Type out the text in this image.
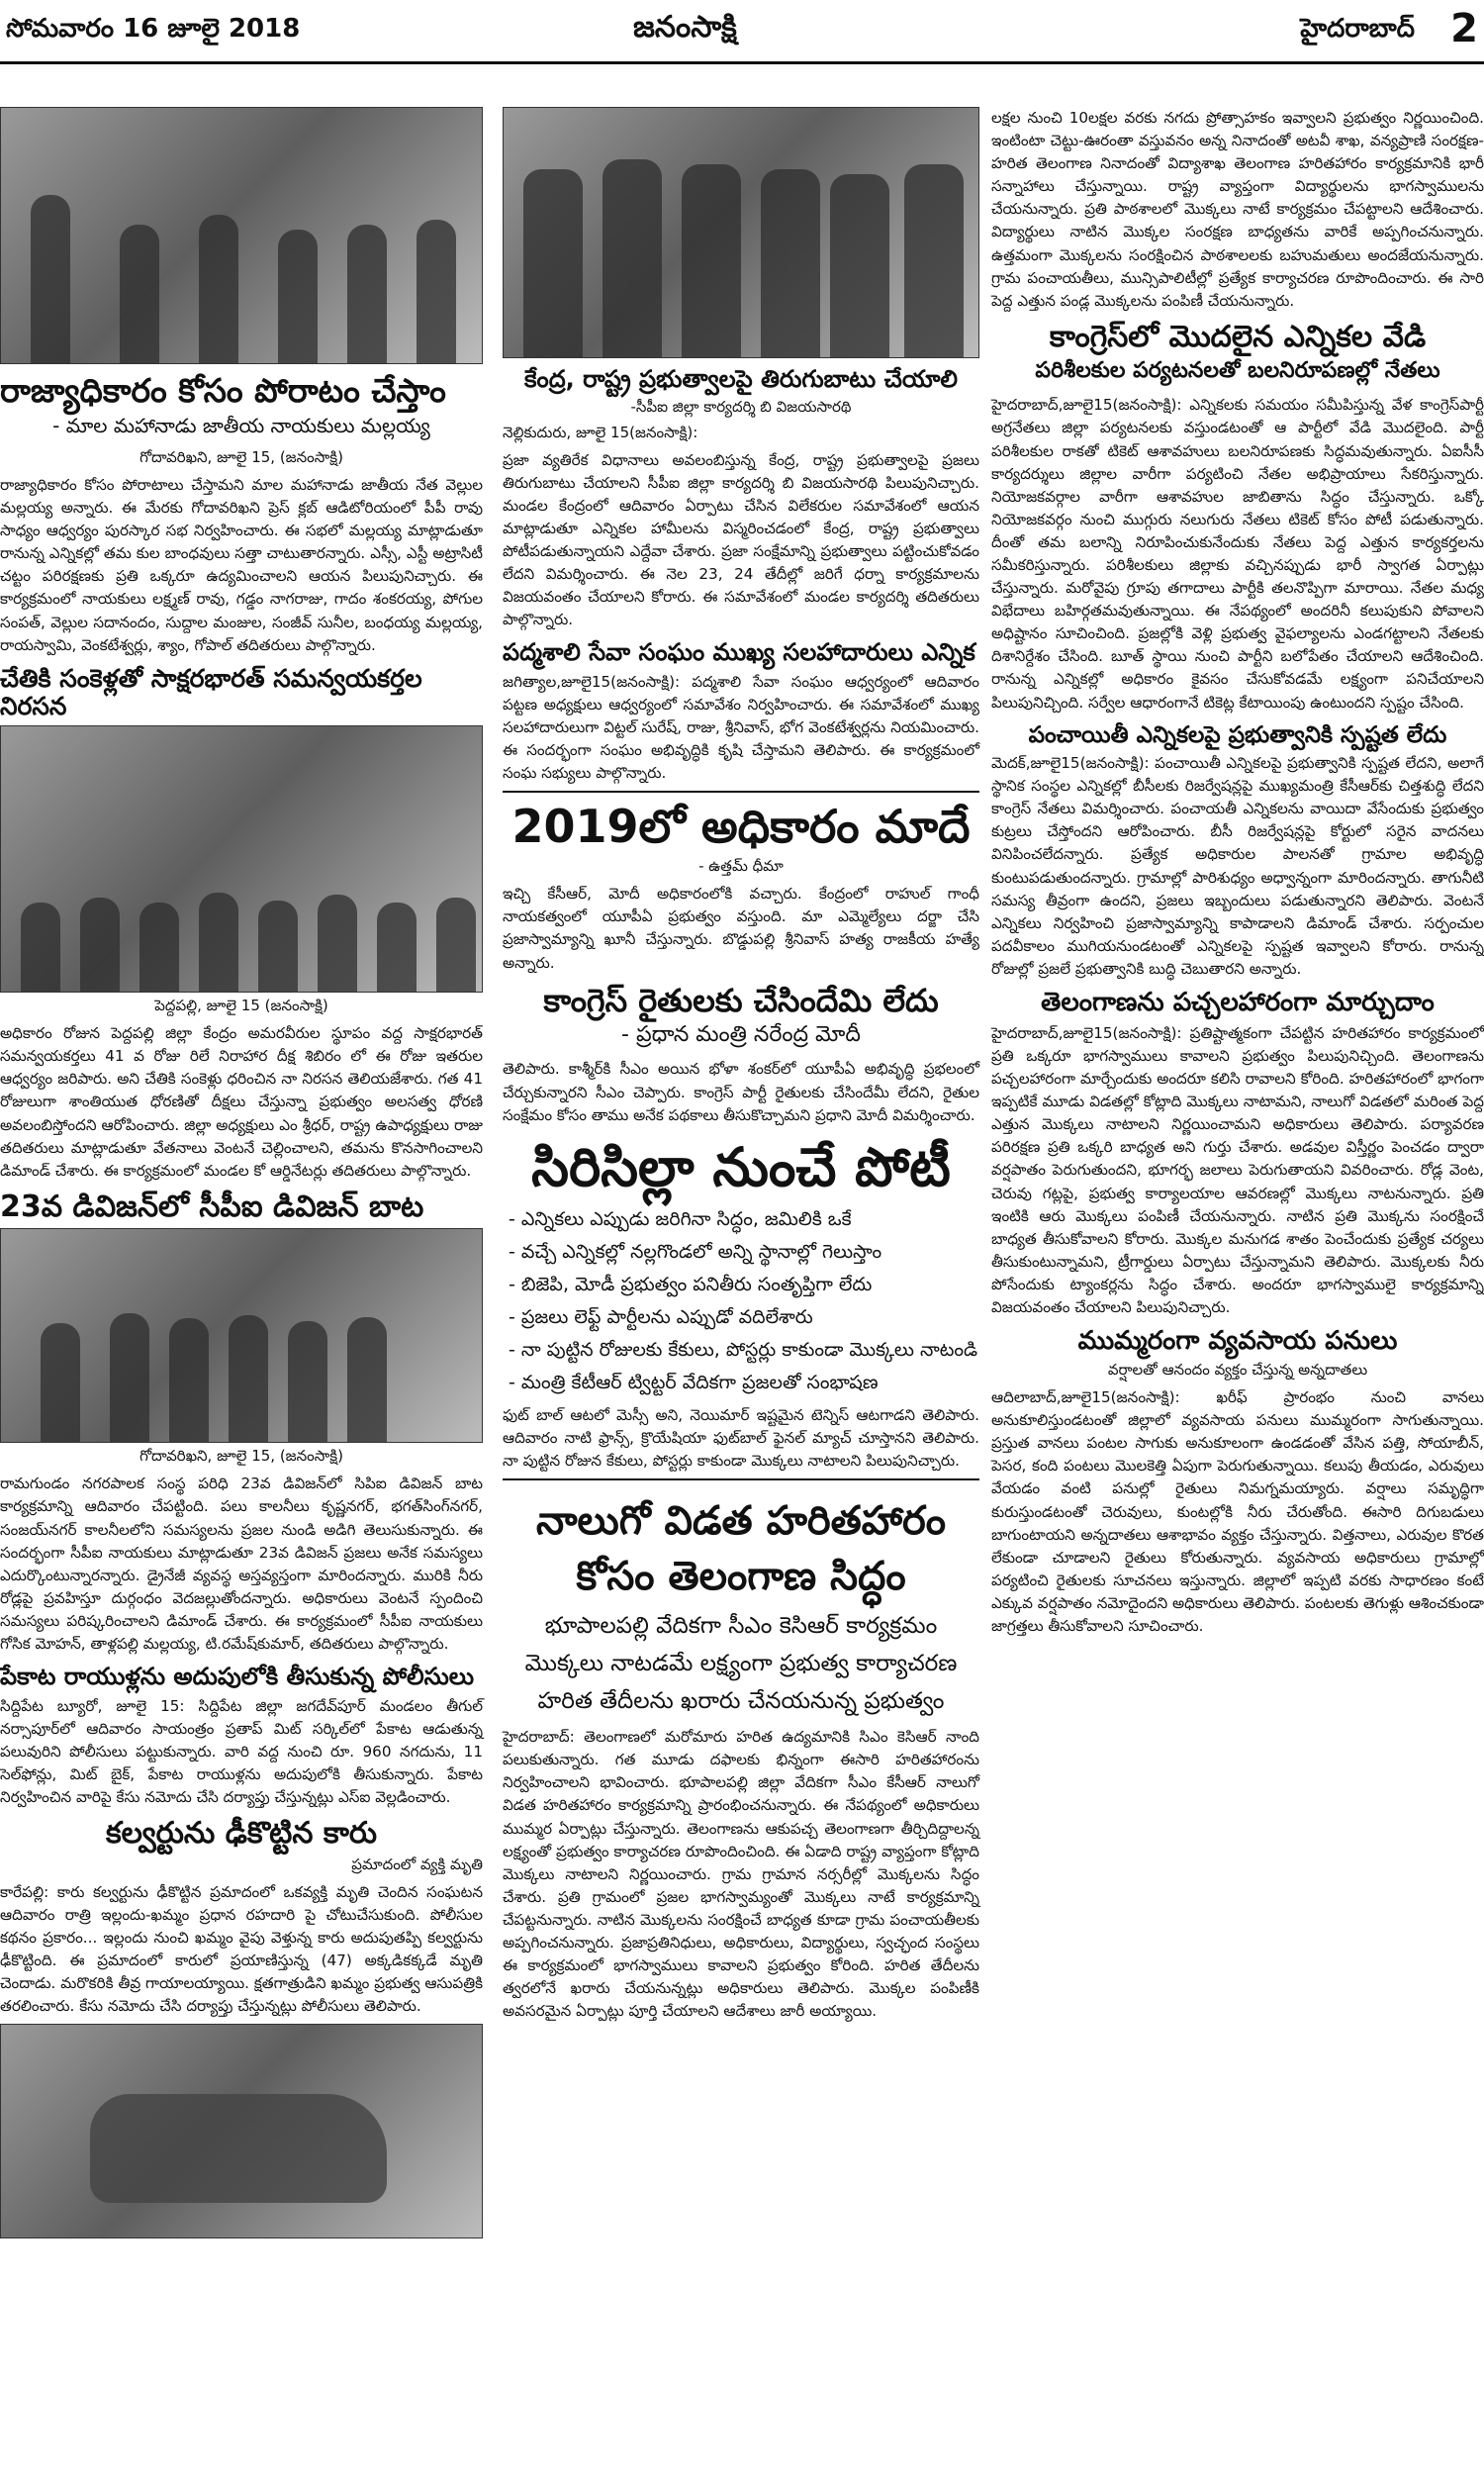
సోమవారం 16 జూలై 2018	జనంసాక్షి	హైదరాబాద్ 2
రాజ్యాధికారం కోసం పోరాటం చేస్తాం
- మాల మహానాడు జాతీయ నాయకులు మల్లయ్య
గోదావరిఖని, జూలై 15, (జనంసాక్షి)

రాజ్యాధికారం కోసం పోరాటాలు చేస్తామని మాల మహానాడు జాతీయ నేత వెల్లుల మల్లయ్య అన్నారు. ఈ మేరకు గోదావరిఖని ప్రెస్ క్లబ్ ఆడిటోరియంలో పీపీ రావు సాధ్యం ఆధ్వర్యం పురస్కార సభ నిర్వహించారు. ఈ సభలో మల్లయ్య మాట్లాడుతూ రానున్న ఎన్నికల్లో తమ కుల బాంధవులు సత్తా చాటుతారన్నారు. ఎస్సీ, ఎస్టీ అట్రాసిటీ చట్టం పరిరక్షణకు ప్రతి ఒక్కరూ ఉద్యమించాలని ఆయన పిలుపునిచ్చారు. ఈ కార్యక్రమంలో నాయకులు లక్ష్మణ్ రావు, గడ్డం నాగరాజు, గాదం శంకరయ్య, పోగుల సంపత్, వెల్లుల సదానందం, సుద్దాల మంజుల, సంజీవ్ సునీల, బంధయ్య మల్లయ్య, రాయస్వామి, వెంకటేశ్వర్లు, శ్యాం, గోపాల్ తదితరులు పాల్గొన్నారు.

చేతికి సంకెళ్లతో సాక్షరభారత్ సమన్వయకర్తల నిరసన
పెద్దపల్లి, జూలై 15 (జనంసాక్షి)

అధికారం రోజున పెద్దపల్లి జిల్లా కేంద్రం అమరవీరుల స్థూపం వద్ద సాక్షరభారత్ సమన్వయకర్తలు 41 వ రోజు రిలే నిరాహార దీక్ష శిబిరం లో ఈ రోజు ఇతరుల ఆధ్వర్యం జరిపారు. అని చేతికి సంకెళ్లు ధరించిన నా నిరసన తెలియజేశారు. గత 41 రోజులుగా శాంతియుత ధోరణితో దీక్షలు చేస్తున్నా ప్రభుత్వం అలసత్వ ధోరణి అవలంబిస్తోందని ఆరోపించారు. జిల్లా అధ్యక్షులు ఎం శ్రీధర్, రాష్ట్ర ఉపాధ్యక్షులు రాజు తదితరులు మాట్లాడుతూ వేతనాలు వెంటనే చెల్లించాలని, తమను కొనసాగించాలని డిమాండ్ చేశారు. ఈ కార్యక్రమంలో మండల కో ఆర్డినేటర్లు తదితరులు పాల్గొన్నారు.

23వ డివిజన్‌లో సీపీఐ డివిజన్ బాట
గోదావరిఖని, జూలై 15, (జనంసాక్షి)

రామగుండం నగరపాలక సంస్థ పరిధి 23వ డివిజన్‌లో సిపిఐ డివిజన్ బాట కార్యక్రమాన్ని ఆదివారం చేపట్టింది. పలు కాలనీలు కృష్ణనగర్, భగత్‌సింగ్‌నగర్, సంజయ్‌నగర్ కాలనీలలోని సమస్యలను ప్రజల నుండి అడిగి తెలుసుకున్నారు. ఈ సందర్భంగా సీపీఐ నాయకులు మాట్లాడుతూ 23వ డివిజన్ ప్రజలు అనేక సమస్యలు ఎదుర్కొంటున్నారన్నారు. డ్రైనేజీ వ్యవస్థ అస్తవ్యస్తంగా మారిందన్నారు. మురికి నీరు రోడ్లపై ప్రవహిస్తూ దుర్గంధం వెదజల్లుతోందన్నారు. అధికారులు వెంటనే స్పందించి సమస్యలు పరిష్కరించాలని డిమాండ్ చేశారు. ఈ కార్యక్రమంలో సీపీఐ నాయకులు గోసిక మోహన్, తాళ్లపల్లి మల్లయ్య, టి.రమేష్‌కుమార్, తదితరులు పాల్గొన్నారు.

పేకాట రాయుళ్లను అదుపులోకి తీసుకున్న పోలీసులు

సిద్దిపేట బ్యూరో, జూలై 15: సిద్దిపేట జిల్లా జగదేవ్‌పూర్ మండలం తీగుల్ నర్సాపూర్‌లో ఆదివారం సాయంత్రం ప్రతాప్ మిట్ సర్కిల్‌లో పేకాట ఆడుతున్న పలువురిని పోలీసులు పట్టుకున్నారు. వారి వద్ద నుంచి రూ. 960 నగదును, 11 సెల్‌ఫోన్లు, మిట్ బైక్, పేకాట రాయుళ్లను అదుపులోకి తీసుకున్నారు. పేకాట నిర్వహించిన వారిపై కేసు నమోదు చేసి దర్యాప్తు చేస్తున్నట్లు ఎస్‌ఐ వెల్లడించారు.

కల్వర్టును ఢీకొట్టిన కారు
ప్రమాదంలో వ్యక్తి మృతి

కారేపల్లి: కారు కల్వర్టును ఢీకొట్టిన ప్రమాదంలో ఒకవ్యక్తి మృతి చెందిన సంఘటన ఆదివారం రాత్రి ఇల్లందు-ఖమ్మం ప్రధాన రహదారి పై చోటుచేసుకుంది. పోలీసుల కథనం ప్రకారం... ఇల్లందు నుంచి ఖమ్మం వైపు వెళ్తున్న కారు అదుపుతప్పి కల్వర్టును ఢీకొట్టింది. ఈ ప్రమాదంలో కారులో ప్రయాణిస్తున్న (47) అక్కడికక్కడే మృతి చెందాడు. మరొకరికి తీవ్ర గాయాలయ్యాయి. క్షతగాత్రుడిని ఖమ్మం ప్రభుత్వ ఆసుపత్రికి తరలించారు. కేసు నమోదు చేసి దర్యాప్తు చేస్తున్నట్లు పోలీసులు తెలిపారు.

కేంద్ర, రాష్ట్ర ప్రభుత్వాలపై తిరుగుబాటు చేయాలి
-సీపీఐ జిల్లా కార్యదర్శి బి విజయసారథి
నెల్లికుదురు, జూలై 15(జనంసాక్షి):

ప్రజా వ్యతిరేక విధానాలు అవలంబిస్తున్న కేంద్ర, రాష్ట్ర ప్రభుత్వాలపై ప్రజలు తిరుగుబాటు చేయాలని సీపీఐ జిల్లా కార్యదర్శి బి విజయసారథి పిలుపునిచ్చారు. మండల కేంద్రంలో ఆదివారం ఏర్పాటు చేసిన విలేకరుల సమావేశంలో ఆయన మాట్లాడుతూ ఎన్నికల హామీలను విస్మరించడంలో కేంద్ర, రాష్ట్ర ప్రభుత్వాలు పోటీపడుతున్నాయని ఎద్దేవా చేశారు. ప్రజా సంక్షేమాన్ని ప్రభుత్వాలు పట్టించుకోవడం లేదని విమర్శించారు. ఈ నెల 23, 24 తేదీల్లో జరిగే ధర్నా కార్యక్రమాలను విజయవంతం చేయాలని కోరారు. ఈ సమావేశంలో మండల కార్యదర్శి తదితరులు పాల్గొన్నారు.

పద్మశాలి సేవా సంఘం ముఖ్య సలహాదారులు ఎన్నిక

జగిత్యాల,జూలై15(జనంసాక్షి): పద్మశాలి సేవా సంఘం ఆధ్వర్యంలో ఆదివారం పట్టణ అధ్యక్షులు ఆధ్వర్యంలో సమావేశం నిర్వహించారు. ఈ సమావేశంలో ముఖ్య సలహాదారులుగా విట్టల్ సురేష్, రాజు, శ్రీనివాస్, భోగ వెంకటేశ్వర్లను నియమించారు. ఈ సందర్భంగా సంఘం అభివృద్ధికి కృషి చేస్తామని తెలిపారు. ఈ కార్యక్రమంలో సంఘ సభ్యులు పాల్గొన్నారు.

2019లో అధికారం మాదే
- ఉత్తమ్ ధీమా

ఇచ్చి కేసీఆర్, మోదీ అధికారంలోకి వచ్చారు. కేంద్రంలో రాహుల్ గాంధీ నాయకత్వంలో యూపీఏ ప్రభుత్వం వస్తుంది. మా ఎమ్మెల్యేలు దర్జా చేసి ప్రజాస్వామ్యాన్ని ఖూనీ చేస్తున్నారు. బొడ్డుపల్లి శ్రీనివాస్ హత్య రాజకీయ హత్యే అన్నారు.

కాంగ్రెస్ రైతులకు చేసిందేమి లేదు
- ప్రధాన మంత్రి నరేంద్ర మోదీ

తెలిపారు. కాశ్మీర్‌కి సీఎం అయిన భోళా శంకర్‌లో యూపీఏ అభివృద్ధి ప్రభలంలో చేర్చుకున్నారని సీఎం చెప్పారు. కాంగ్రెస్ పార్టీ రైతులకు చేసిందేమీ లేదని, రైతుల సంక్షేమం కోసం తాము అనేక పథకాలు తీసుకొచ్చామని ప్రధాని మోదీ విమర్శించారు.

సిరిసిల్లా నుంచే పోటీ
- ఎన్నికలు ఎప్పుడు జరిగినా సిద్ధం, జమిలికి ఒకే
- వచ్చే ఎన్నికల్లో నల్లగొండలో అన్ని స్థానాల్లో గెలుస్తాం
- బిజెపి, మోడీ ప్రభుత్వం పనితీరు సంతృప్తిగా లేదు
- ప్రజలు లెఫ్ట్ పార్టీలను ఎప్పుడో వదిలేశారు
- నా పుట్టిన రోజులకు కేకులు, పోస్టర్లు కాకుండా మొక్కలు నాటండి
- మంత్రి కేటీఆర్ ట్విట్టర్ వేదికగా ప్రజలతో సంభాషణ

ఫుట్ బాల్ ఆటలో మెస్సీ అని, నెయిమార్ ఇష్టమైన టెన్నిస్ ఆటగాడని తెలిపారు. ఆదివారం నాటి ఫ్రాన్స్, క్రొయేషియా ఫుట్‌బాల్ ఫైనల్ మ్యాచ్ చూస్తానని తెలిపారు. నా పుట్టిన రోజున కేకులు, పోస్టర్లు కాకుండా మొక్కలు నాటాలని పిలుపునిచ్చారు.

నాలుగో విడత హరితహారం
కోసం తెలంగాణ సిద్ధం
భూపాలపల్లి వేదికగా సీఎం కెసిఆర్ కార్యక్రమం
మొక్కలు నాటడమే లక్ష్యంగా ప్రభుత్వ కార్యాచరణ
హరిత తేదీలను ఖరారు చేనయనున్న ప్రభుత్వం

హైదరాబాద్: తెలంగాణలో మరోమారు హరిత ఉద్యమానికి సిఎం కెసిఆర్ నాంది పలుకుతున్నారు. గత మూడు దఫాలకు భిన్నంగా ఈసారి హరితహారంను నిర్వహించాలని భావించారు. భూపాలపల్లి జిల్లా వేదికగా సీఎం కేసీఆర్ నాలుగో విడత హరితహారం కార్యక్రమాన్ని ప్రారంభించనున్నారు. ఈ నేపథ్యంలో అధికారులు ముమ్మర ఏర్పాట్లు చేస్తున్నారు. తెలంగాణను ఆకుపచ్చ తెలంగాణగా తీర్చిదిద్దాలన్న లక్ష్యంతో ప్రభుత్వం కార్యాచరణ రూపొందించింది. ఈ ఏడాది రాష్ట్ర వ్యాప్తంగా కోట్లాది మొక్కలు నాటాలని నిర్ణయించారు. గ్రామ గ్రామాన నర్సరీల్లో మొక్కలను సిద్ధం చేశారు. ప్రతి గ్రామంలో ప్రజల భాగస్వామ్యంతో మొక్కలు నాటే కార్యక్రమాన్ని చేపట్టనున్నారు. నాటిన మొక్కలను సంరక్షించే బాధ్యత కూడా గ్రామ పంచాయతీలకు అప్పగించనున్నారు. ప్రజాప్రతినిధులు, అధికారులు, విద్యార్థులు, స్వచ్ఛంద సంస్థలు ఈ కార్యక్రమంలో భాగస్వాములు కావాలని ప్రభుత్వం కోరింది. హరిత తేదీలను త్వరలోనే ఖరారు చేయనున్నట్లు అధికారులు తెలిపారు. మొక్కల పంపిణీకి అవసరమైన ఏర్పాట్లు పూర్తి చేయాలని ఆదేశాలు జారీ అయ్యాయి.

లక్షల నుంచి 10లక్షల వరకు నగదు ప్రోత్సాహకం ఇవ్వాలని ప్రభుత్వం నిర్ణయించింది. ఇంటింటా చెట్టు-ఊరంతా వస్తువనం అన్న నినాదంతో అటవీ శాఖ, వన్యప్రాణి సంరక్షణ-హరిత తెలంగాణ నినాదంతో విద్యాశాఖ తెలంగాణ హరితహారం కార్యక్రమానికి భారీ సన్నాహాలు చేస్తున్నాయి. రాష్ట్ర వ్యాప్తంగా విద్యార్థులను భాగస్వాములను చేయనున్నారు. ప్రతి పాఠశాలలో మొక్కలు నాటే కార్యక్రమం చేపట్టాలని ఆదేశించారు. విద్యార్థులు నాటిన మొక్కల సంరక్షణ బాధ్యతను వారికే అప్పగించనున్నారు. ఉత్తమంగా మొక్కలను సంరక్షించిన పాఠశాలలకు బహుమతులు అందజేయనున్నారు. గ్రామ పంచాయతీలు, మున్సిపాలిటీల్లో ప్రత్యేక కార్యాచరణ రూపొందించారు. ఈ సారి పెద్ద ఎత్తున పండ్ల మొక్కలను పంపిణీ చేయనున్నారు.

కాంగ్రెస్‌లో మొదలైన ఎన్నికల వేడి
పరిశీలకుల పర్యటనలతో బలనిరూపణల్లో నేతలు

హైదరాబాద్,జూలై15(జనంసాక్షి): ఎన్నికలకు సమయం సమీపిస్తున్న వేళ కాంగ్రెస్‌పార్టీ అగ్రనేతలు జిల్లా పర్యటనలకు వస్తుండటంతో ఆ పార్టీలో వేడి మొదలైంది. పార్టీ పరిశీలకుల రాకతో టికెట్ ఆశావహులు బలనిరూపణకు సిద్ధమవుతున్నారు. ఏఐసీసీ కార్యదర్శులు జిల్లాల వారీగా పర్యటించి నేతల అభిప్రాయాలు సేకరిస్తున్నారు. నియోజకవర్గాల వారీగా ఆశావహుల జాబితాను సిద్ధం చేస్తున్నారు. ఒక్కో నియోజకవర్గం నుంచి ముగ్గురు నలుగురు నేతలు టికెట్ కోసం పోటీ పడుతున్నారు. దీంతో తమ బలాన్ని నిరూపించుకునేందుకు నేతలు పెద్ద ఎత్తున కార్యకర్తలను సమీకరిస్తున్నారు. పరిశీలకులు జిల్లాకు వచ్చినప్పుడు భారీ స్వాగత ఏర్పాట్లు చేస్తున్నారు. మరోవైపు గ్రూపు తగాదాలు పార్టీకి తలనొప్పిగా మారాయి. నేతల మధ్య విభేదాలు బహిర్గతమవుతున్నాయి. ఈ నేపథ్యంలో అందరినీ కలుపుకుని పోవాలని అధిష్టానం సూచించింది. ప్రజల్లోకి వెళ్లి ప్రభుత్వ వైఫల్యాలను ఎండగట్టాలని నేతలకు దిశానిర్దేశం చేసింది. బూత్ స్థాయి నుంచి పార్టీని బలోపేతం చేయాలని ఆదేశించింది. రానున్న ఎన్నికల్లో అధికారం కైవసం చేసుకోవడమే లక్ష్యంగా పనిచేయాలని పిలుపునిచ్చింది. సర్వేల ఆధారంగానే టికెట్ల కేటాయింపు ఉంటుందని స్పష్టం చేసింది.

పంచాయితీ ఎన్నికలపై ప్రభుత్వానికి స్పష్టత లేదు

మెదక్,జూలై15(జనంసాక్షి): పంచాయితీ ఎన్నికలపై ప్రభుత్వానికి స్పష్టత లేదని, అలాగే స్థానిక సంస్థల ఎన్నికల్లో బీసీలకు రిజర్వేషన్లపై ముఖ్యమంత్రి కేసీఆర్‌కు చిత్తశుద్ధి లేదని కాంగ్రెస్ నేతలు విమర్శించారు. పంచాయతీ ఎన్నికలను వాయిదా వేసేందుకు ప్రభుత్వం కుట్రలు చేస్తోందని ఆరోపించారు. బీసీ రిజర్వేషన్లపై కోర్టులో సరైన వాదనలు వినిపించలేదన్నారు. ప్రత్యేక అధికారుల పాలనతో గ్రామాల అభివృద్ధి కుంటుపడుతుందన్నారు. గ్రామాల్లో పారిశుధ్యం అధ్వాన్నంగా మారిందన్నారు. తాగునీటి సమస్య తీవ్రంగా ఉందని, ప్రజలు ఇబ్బందులు పడుతున్నారని తెలిపారు. వెంటనే ఎన్నికలు నిర్వహించి ప్రజాస్వామ్యాన్ని కాపాడాలని డిమాండ్ చేశారు. సర్పంచుల పదవీకాలం ముగియనుండటంతో ఎన్నికలపై స్పష్టత ఇవ్వాలని కోరారు. రానున్న రోజుల్లో ప్రజలే ప్రభుత్వానికి బుద్ధి చెబుతారని అన్నారు.

తెలంగాణను పచ్చలహారంగా మార్చుదాం

హైదరాబాద్,జూలై15(జనంసాక్షి): ప్రతిష్టాత్మకంగా చేపట్టిన హరితహారం కార్యక్రమంలో ప్రతి ఒక్కరూ భాగస్వాములు కావాలని ప్రభుత్వం పిలుపునిచ్చింది. తెలంగాణను పచ్చలహారంగా మార్చేందుకు అందరూ కలిసి రావాలని కోరింది. హరితహారంలో భాగంగా ఇప్పటికే మూడు విడతల్లో కోట్లాది మొక్కలు నాటామని, నాలుగో విడతలో మరింత పెద్ద ఎత్తున మొక్కలు నాటాలని నిర్ణయించామని అధికారులు తెలిపారు. పర్యావరణ పరిరక్షణ ప్రతి ఒక్కరి బాధ్యత అని గుర్తు చేశారు. అడవుల విస్తీర్ణం పెంచడం ద్వారా వర్షపాతం పెరుగుతుందని, భూగర్భ జలాలు పెరుగుతాయని వివరించారు. రోడ్ల వెంట, చెరువు గట్లపై, ప్రభుత్వ కార్యాలయాల ఆవరణల్లో మొక్కలు నాటనున్నారు. ప్రతి ఇంటికి ఆరు మొక్కలు పంపిణీ చేయనున్నారు. నాటిన ప్రతి మొక్కను సంరక్షించే బాధ్యత తీసుకోవాలని కోరారు. మొక్కల మనుగడ శాతం పెంచేందుకు ప్రత్యేక చర్యలు తీసుకుంటున్నామని, ట్రీగార్డులు ఏర్పాటు చేస్తున్నామని తెలిపారు. మొక్కలకు నీరు పోసేందుకు ట్యాంకర్లను సిద్ధం చేశారు. అందరూ భాగస్వాములై కార్యక్రమాన్ని విజయవంతం చేయాలని పిలుపునిచ్చారు.

ముమ్మరంగా వ్యవసాయ పనులు
వర్షాలతో ఆనందం వ్యక్తం చేస్తున్న అన్నదాతలు

ఆదిలాబాద్,జూలై15(జనంసాక్షి): ఖరీఫ్ ప్రారంభం నుంచి వానలు అనుకూలిస్తుండటంతో జిల్లాలో వ్యవసాయ పనులు ముమ్మరంగా సాగుతున్నాయి. ప్రస్తుత వానలు పంటల సాగుకు అనుకూలంగా ఉండడంతో వేసిన పత్తి, సోయాబీన్, పెసర, కంది పంటలు మొలకెత్తి ఏపుగా పెరుగుతున్నాయి. కలుపు తీయడం, ఎరువులు వేయడం వంటి పనుల్లో రైతులు నిమగ్నమయ్యారు. వర్షాలు సమృద్ధిగా కురుస్తుండటంతో చెరువులు, కుంటల్లోకి నీరు చేరుతోంది. ఈసారి దిగుబడులు బాగుంటాయని అన్నదాతలు ఆశాభావం వ్యక్తం చేస్తున్నారు. విత్తనాలు, ఎరువుల కొరత లేకుండా చూడాలని రైతులు కోరుతున్నారు. వ్యవసాయ అధికారులు గ్రామాల్లో పర్యటించి రైతులకు సూచనలు ఇస్తున్నారు. జిల్లాలో ఇప్పటి వరకు సాధారణం కంటే ఎక్కువ వర్షపాతం నమోదైందని అధికారులు తెలిపారు. పంటలకు తెగుళ్లు ఆశించకుండా జాగ్రత్తలు తీసుకోవాలని సూచించారు.
